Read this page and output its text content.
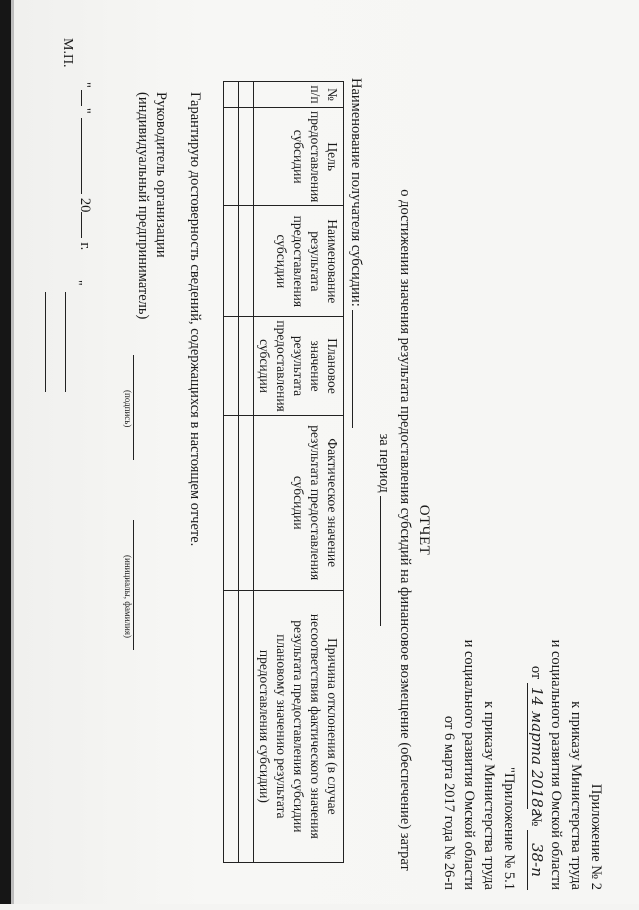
Приложение № 2
к приказу Министерства труда
и социального развития Омской области
от 14 марта 2018г № 38-п
"Приложение № 5.1
к приказу Министерства труда
и социального развития Омской области
от 6 марта 2017 года № 26-п
ОТЧЕТ
о достижении значения результата предоставления субсидий на финансовое возмещение (обеспечение) затрат
за период
Наименование получателя субсидии:
№ п/п	Цель предоставления субсидии	Наименование результата предоставления субсидии	Плановое значение результата предоставления субсидии	Фактическое значение результата предоставления субсидии	Причина отклонения (в случае несоответствия фактического значения результата предоставления субсидии плановому значению результата предоставления субсидии)

Гарантирую достоверность сведений, содержащихся в настоящем отчете.
Руководитель организации
(индивидуальный предприниматель)
(подпись)
(инициалы, фамилия)
""20г.
М.П.
"
